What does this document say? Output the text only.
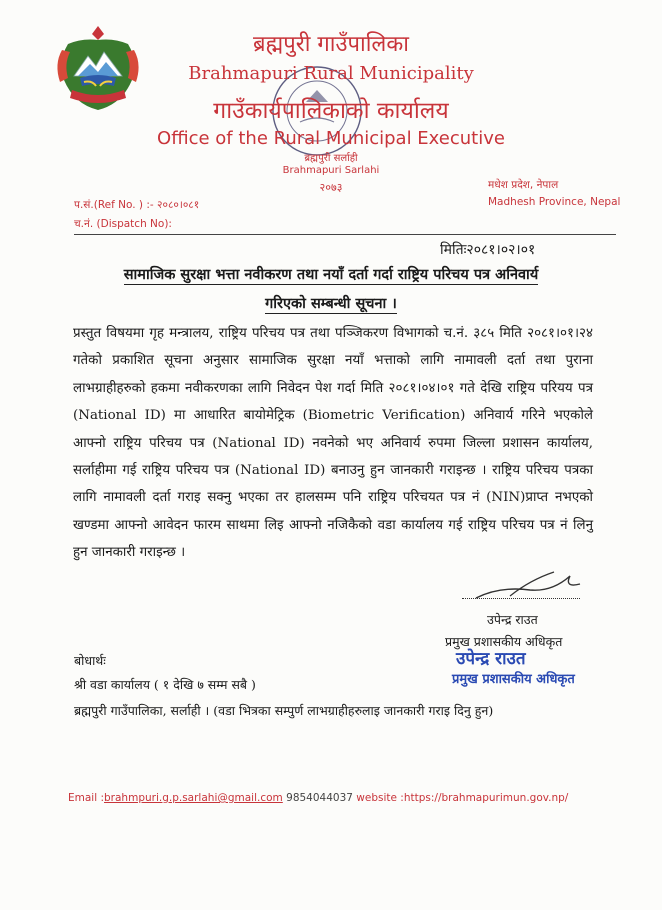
ब्रह्मपुरी गाउँपालिका
Brahmapuri Rural Municipality
गाउँकार्यपालिकाको कार्यालय
Office of the Rural Municipal Executive
ब्रह्मपुरी सर्लाही
Brahmapuri Sarlahi
२०७३
प.सं.(Ref No. ) :- २०८०।०८१
च.नं. (Dispatch No):
मधेश प्रदेश, नेपाल
Madhesh Province, Nepal
मितिः२०८१।०२।०१
सामाजिक सुरक्षा भत्ता नवीकरण तथा नयाँ दर्ता गर्दा राष्ट्रिय परिचय पत्र अनिवार्य
गरिएको सम्बन्धी सूचना ।
प्रस्तुत विषयमा गृह मन्त्रालय, राष्ट्रिय परिचय पत्र तथा पञ्जिकरण विभागको च.नं. ३८५ मिति २०८१।०१।२४ गतेको प्रकाशित सूचना अनुसार सामाजिक सुरक्षा नयाँ भत्ताको लागि नामावली दर्ता तथा पुराना लाभग्राहीहरुको हकमा नवीकरणका लागि निवेदन पेश गर्दा मिति २०८१।०४।०१ गते देखि राष्ट्रिय परियय पत्र (National ID) मा आधारित बायोमेट्रिक (Biometric Verification) अनिवार्य गरिने भएकोले आफ्नो राष्ट्रिय परिचय पत्र (National ID) नवनेको भए अनिवार्य रुपमा जिल्ला प्रशासन कार्यालय, सर्लाहीमा गई राष्ट्रिय परिचय पत्र (National ID) बनाउनु हुन जानकारी गराइन्छ । राष्ट्रिय परिचय पत्रका लागि नामावली दर्ता गराइ सक्नु भएका तर हालसम्म पनि राष्ट्रिय परिचयत पत्र नं (NIN)प्राप्त नभएको खण्डमा आफ्नो आवेदन फारम साथमा लिइ आफ्नो नजिकैको वडा कार्यालय गई राष्ट्रिय परिचय पत्र नं लिनु हुन जानकारी गराइन्छ ।
उपेन्द्र राउत
प्रमुख प्रशासकीय अधिकृत
उपेन्द्र राउत
प्रमुख प्रशासकीय अधिकृत
बोधार्थः
श्री वडा कार्यालय ( १ देखि ७ सम्म सबै )
ब्रह्मपुरी गाउँपालिका, सर्लाही । (वडा भित्रका सम्पुर्ण लाभग्राहीहरुलाइ जानकारी गराइ दिनु हुन)
Email :brahmpuri.g.p.sarlahi@gmail.com 9854044037 website :https://brahmapurimun.gov.np/
